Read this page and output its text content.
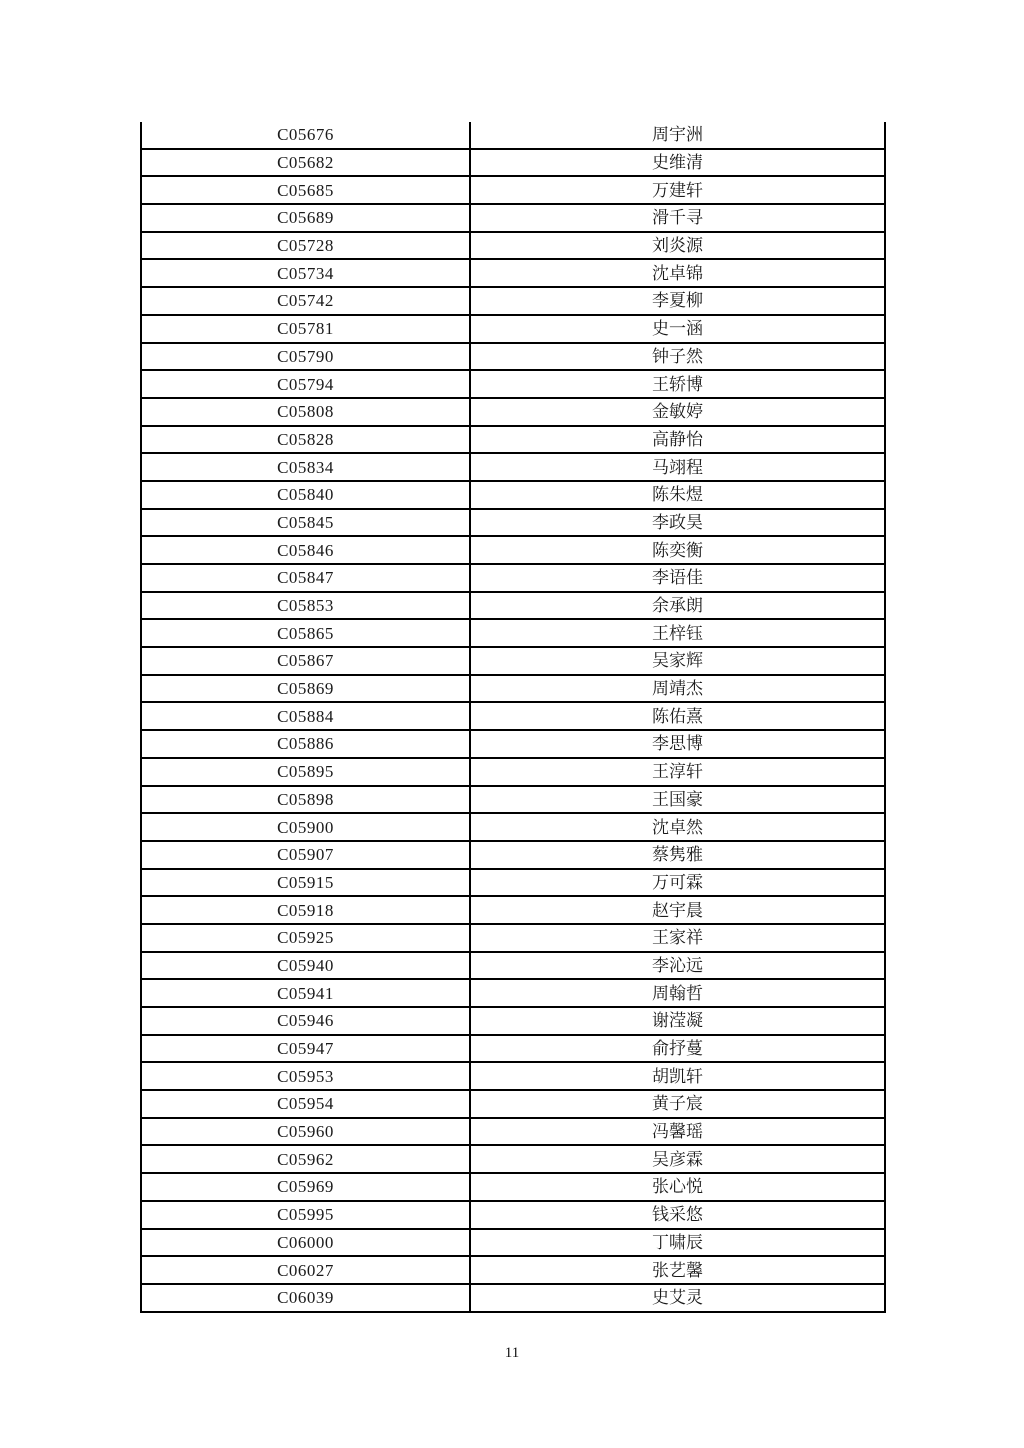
C05676	周宇洲
C05682	史维清
C05685	万建轩
C05689	滑千寻
C05728	刘炎源
C05734	沈卓锦
C05742	李夏柳
C05781	史一涵
C05790	钟子然
C05794	王轿博
C05808	金敏婷
C05828	高静怡
C05834	马翊程
C05840	陈朱煜
C05845	李政昊
C05846	陈奕衡
C05847	李语佳
C05853	余承朗
C05865	王梓钰
C05867	吴家辉
C05869	周靖杰
C05884	陈佑熹
C05886	李思博
C05895	王淳轩
C05898	王国豪
C05900	沈卓然
C05907	蔡隽雅
C05915	万可霖
C05918	赵宇晨
C05925	王家祥
C05940	李沁远
C05941	周翰哲
C05946	谢滢凝
C05947	俞抒蔓
C05953	胡凯轩
C05954	黄子宸
C05960	冯馨瑶
C05962	吴彦霖
C05969	张心悦
C05995	钱采悠
C06000	丁啸辰
C06027	张艺馨
C06039	史艾灵
11
